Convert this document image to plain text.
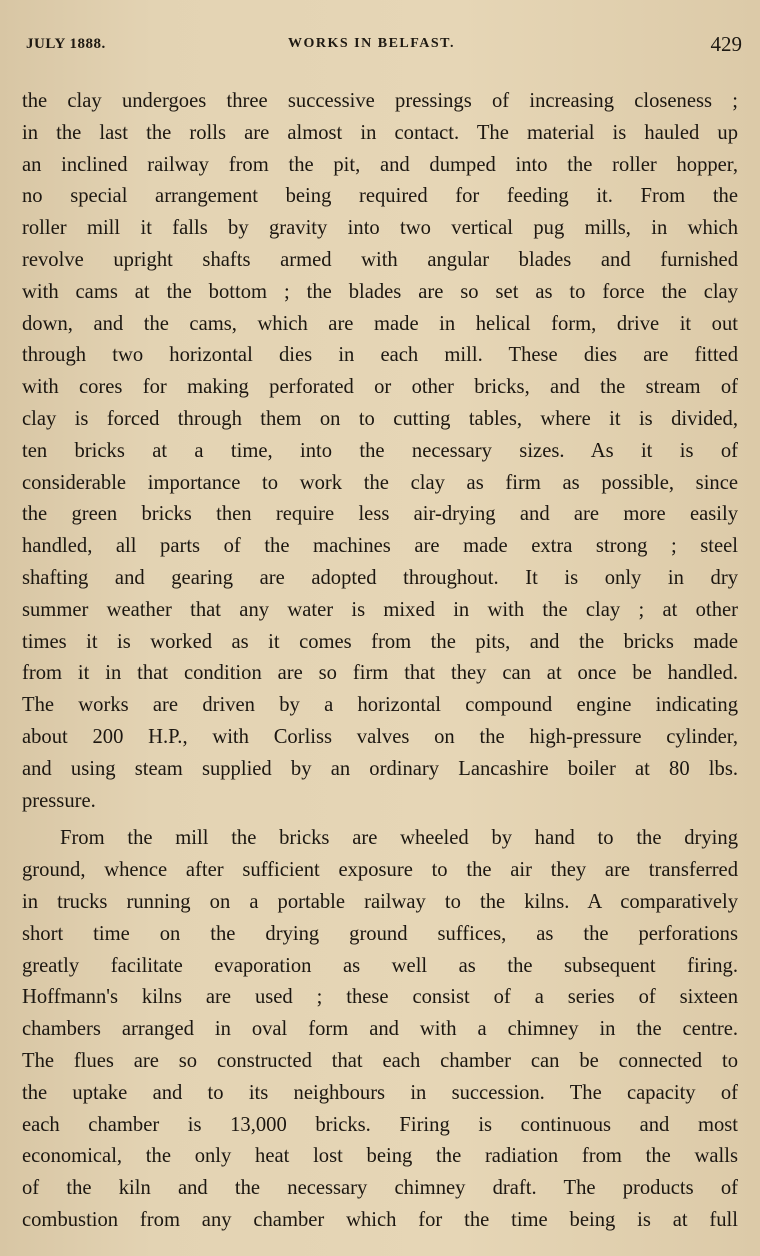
JULY 1888.	WORKS IN BELFAST.	429

the clay undergoes three successive pressings of increasing closeness ;
in the last the rolls are almost in contact. The material is hauled up
an inclined railway from the pit, and dumped into the roller hopper,
no special arrangement being required for feeding it. From the
roller mill it falls by gravity into two vertical pug mills, in which
revolve upright shafts armed with angular blades and furnished
with cams at the bottom ; the blades are so set as to force the clay
down, and the cams, which are made in helical form, drive it out
through two horizontal dies in each mill. These dies are fitted
with cores for making perforated or other bricks, and the stream of
clay is forced through them on to cutting tables, where it is divided,
ten bricks at a time, into the necessary sizes. As it is of
considerable importance to work the clay as firm as possible, since
the green bricks then require less air-drying and are more easily
handled, all parts of the machines are made extra strong ; steel
shafting and gearing are adopted throughout. It is only in dry
summer weather that any water is mixed in with the clay ; at other
times it is worked as it comes from the pits, and the bricks made
from it in that condition are so firm that they can at once be handled.
The works are driven by a horizontal compound engine indicating
about 200 H.P., with Corliss valves on the high-pressure cylinder,
and using steam supplied by an ordinary Lancashire boiler at 80 lbs.
pressure.

From the mill the bricks are wheeled by hand to the drying
ground, whence after sufficient exposure to the air they are transferred
in trucks running on a portable railway to the kilns. A comparatively
short time on the drying ground suffices, as the perforations
greatly facilitate evaporation as well as the subsequent firing.
Hoffmann's kilns are used ; these consist of a series of sixteen
chambers arranged in oval form and with a chimney in the centre.
The flues are so constructed that each chamber can be connected to
the uptake and to its neighbours in succession. The capacity of
each chamber is 13,000 bricks. Firing is continuous and most
economical, the only heat lost being the radiation from the walls
of the kiln and the necessary chimney draft. The products of
combustion from any chamber which for the time being is at full
